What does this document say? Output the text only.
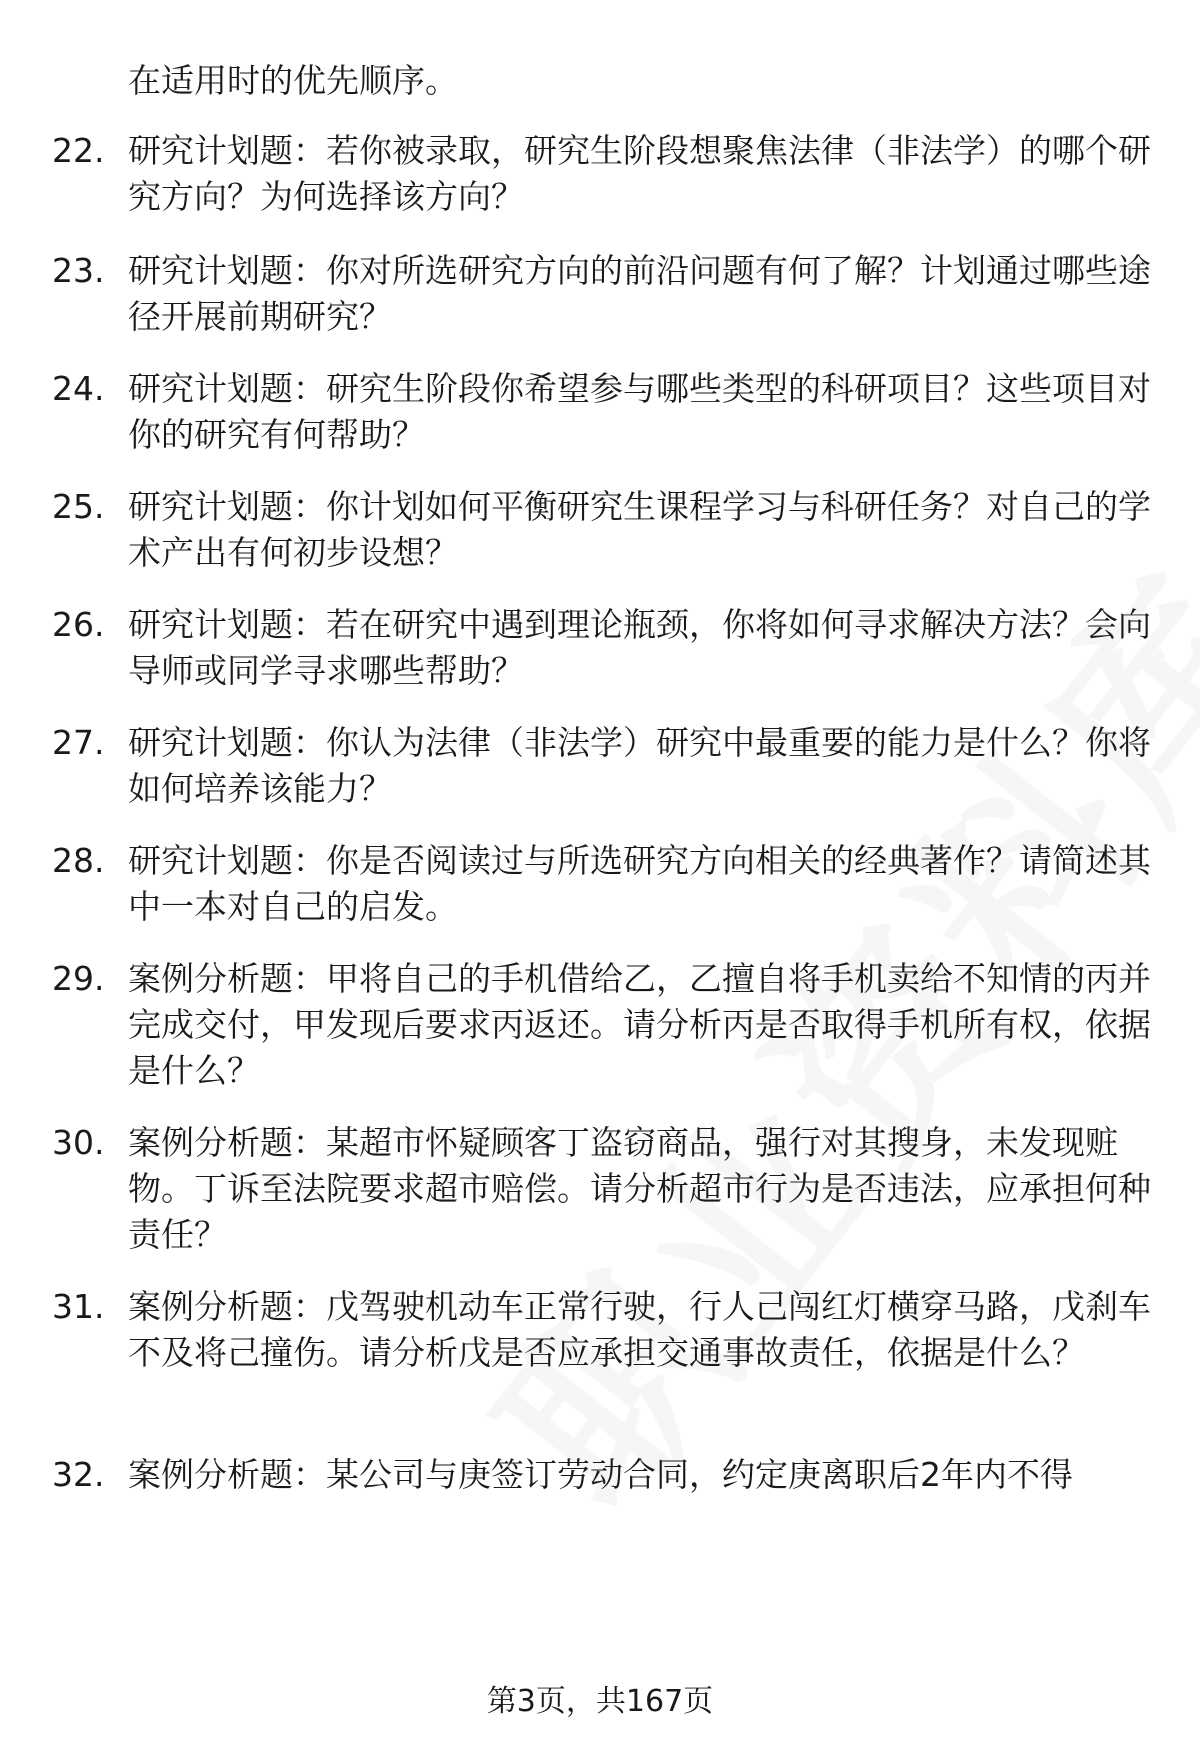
在适用时的优先顺序。
22. 研究计划题：若你被录取，研究生阶段想聚焦法律（非法学）的哪个研究方向？为何选择该方向？
23. 研究计划题：你对所选研究方向的前沿问题有何了解？计划通过哪些途径开展前期研究？
24. 研究计划题：研究生阶段你希望参与哪些类型的科研项目？这些项目对你的研究有何帮助？
25. 研究计划题：你计划如何平衡研究生课程学习与科研任务？对自己的学术产出有何初步设想？
26. 研究计划题：若在研究中遇到理论瓶颈，你将如何寻求解决方法？会向导师或同学寻求哪些帮助？
27. 研究计划题：你认为法律（非法学）研究中最重要的能力是什么？你将如何培养该能力？
28. 研究计划题：你是否阅读过与所选研究方向相关的经典著作？请简述其中一本对自己的启发。
29. 案例分析题：甲将自己的手机借给乙，乙擅自将手机卖给不知情的丙并完成交付，甲发现后要求丙返还。请分析丙是否取得手机所有权，依据是什么？
30. 案例分析题：某超市怀疑顾客丁盗窃商品，强行对其搜身，未发现赃物。丁诉至法院要求超市赔偿。请分析超市行为是否违法，应承担何种责任？
31. 案例分析题：戊驾驶机动车正常行驶，行人己闯红灯横穿马路，戊刹车不及将己撞伤。请分析戊是否应承担交通事故责任，依据是什么？
32. 案例分析题：某公司与庚签订劳动合同，约定庚离职后2年内不得
第3页，共167页
